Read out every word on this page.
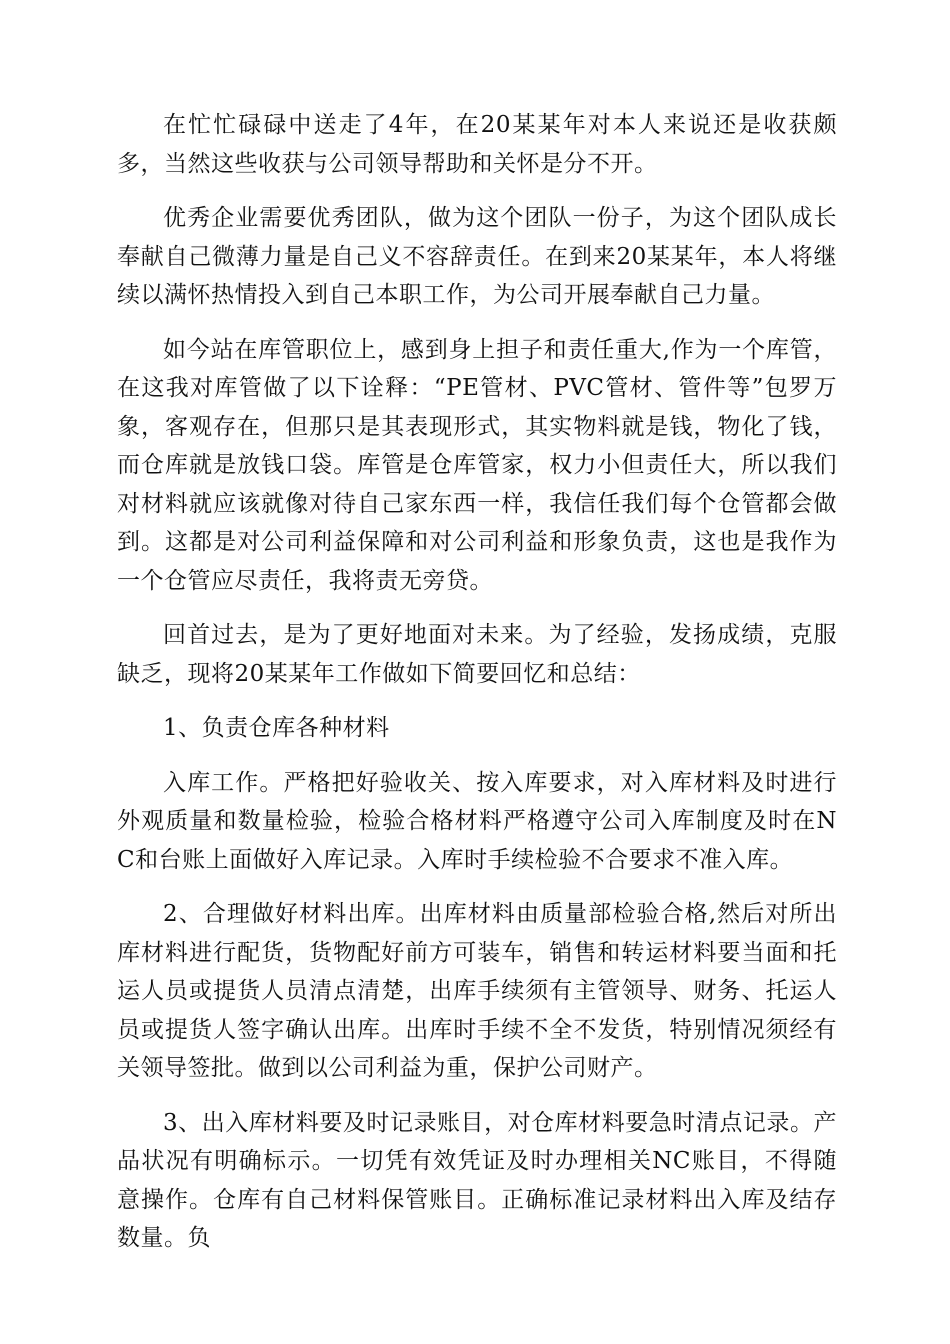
在忙忙碌碌中送走了4年，在20某某年对本人来说还是收获颇多，当然这些收获与公司领导帮助和关怀是分不开。

优秀企业需要优秀团队，做为这个团队一份子，为这个团队成长奉献自己微薄力量是自己义不容辞责任。在到来20某某年，本人将继续以满怀热情投入到自己本职工作，为公司开展奉献自己力量。

如今站在库管职位上，感到身上担子和责任重大,作为一个库管，在这我对库管做了以下诠释：“PE管材、PVC管材、管件等”包罗万象，客观存在，但那只是其表现形式，其实物料就是钱，物化了钱，而仓库就是放钱口袋。库管是仓库管家，权力小但责任大，所以我们对材料就应该就像对待自己家东西一样，我信任我们每个仓管都会做到。这都是对公司利益保障和对公司利益和形象负责，这也是我作为一个仓管应尽责任，我将责无旁贷。

回首过去，是为了更好地面对未来。为了经验，发扬成绩，克服缺乏，现将20某某年工作做如下简要回忆和总结：

1、负责仓库各种材料

入库工作。严格把好验收关、按入库要求，对入库材料及时进行外观质量和数量检验，检验合格材料严格遵守公司入库制度及时在NC和台账上面做好入库记录。入库时手续检验不合要求不准入库。

2、合理做好材料出库。出库材料由质量部检验合格,然后对所出库材料进行配货，货物配好前方可装车，销售和转运材料要当面和托运人员或提货人员清点清楚，出库手续须有主管领导、财务、托运人员或提货人签字确认出库。出库时手续不全不发货，特别情况须经有关领导签批。做到以公司利益为重，保护公司财产。

3、出入库材料要及时记录账目，对仓库材料要急时清点记录。产品状况有明确标示。一切凭有效凭证及时办理相关NC账目，不得随意操作。仓库有自己材料保管账目。正确标准记录材料出入库及结存数量。负
